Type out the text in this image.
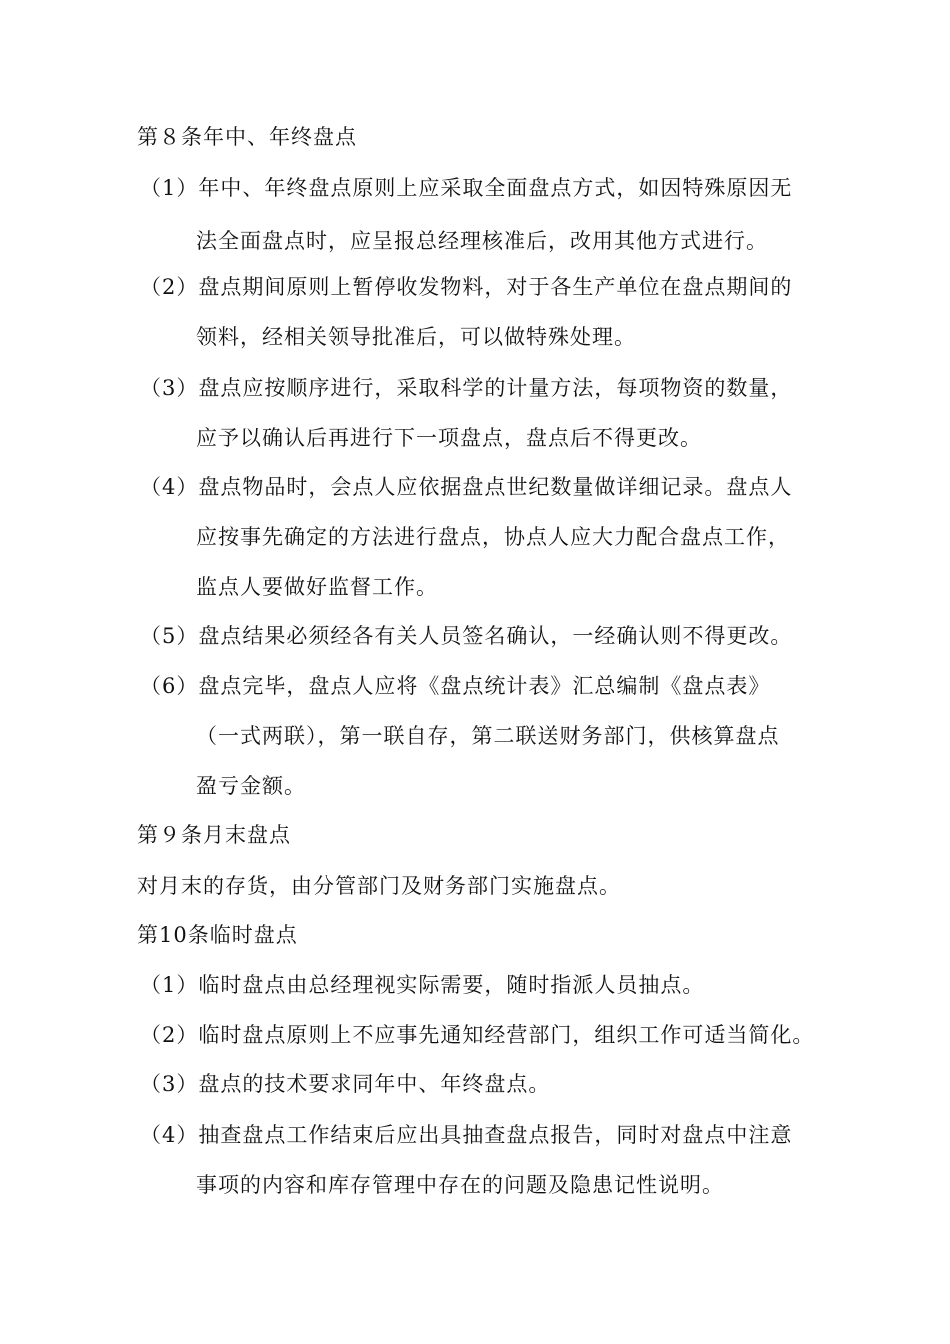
第８条年中、年终盘点
（1）年中、年终盘点原则上应采取全面盘点方式，如因特殊原因无
法全面盘点时，应呈报总经理核准后，改用其他方式进行。
（2）盘点期间原则上暂停收发物料，对于各生产单位在盘点期间的
领料，经相关领导批准后，可以做特殊处理。
（3）盘点应按顺序进行，采取科学的计量方法，每项物资的数量，
应予以确认后再进行下一项盘点，盘点后不得更改。
（4）盘点物品时，会点人应依据盘点世纪数量做详细记录。盘点人
应按事先确定的方法进行盘点，协点人应大力配合盘点工作，
监点人要做好监督工作。
（5）盘点结果必须经各有关人员签名确认，一经确认则不得更改。
（6）盘点完毕，盘点人应将《盘点统计表》汇总编制《盘点表》
（一式两联），第一联自存，第二联送财务部门，供核算盘点
盈亏金额。
第９条月末盘点
对月末的存货，由分管部门及财务部门实施盘点。
第10条临时盘点
（1）临时盘点由总经理视实际需要，随时指派人员抽点。
（2）临时盘点原则上不应事先通知经营部门，组织工作可适当简化。
（3）盘点的技术要求同年中、年终盘点。
（4）抽查盘点工作结束后应出具抽查盘点报告，同时对盘点中注意
事项的内容和库存管理中存在的问题及隐患记性说明。
